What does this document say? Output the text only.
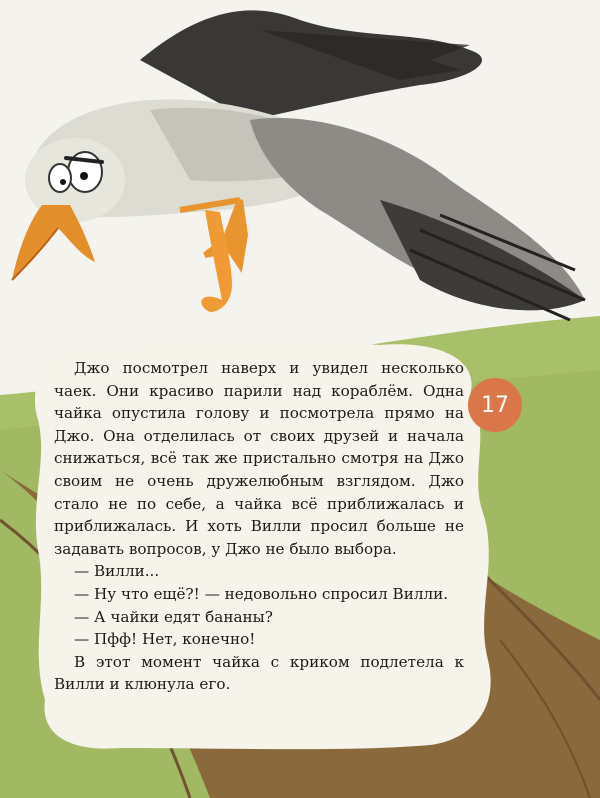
17

Джо посмотрел наверх и увидел несколько чаек. Они красиво парили над кораблём. Одна чайка опустила голову и посмотрела прямо на Джо. Она отделилась от своих друзей и начала снижаться, всё так же пристально смотря на Джо своим не очень дружелюбным взглядом. Джо стало не по себе, а чайка всё приближалась и приближалась. И хоть Вилли просил больше не задавать вопросов, у Джо не было выбора.

— Вилли...

— Ну что ещё?! — недовольно спросил Вилли.

— А чайки едят бананы?

— Пфф! Нет, конечно!

В этот момент чайка с криком подлетела к Вилли и клюнула его.
